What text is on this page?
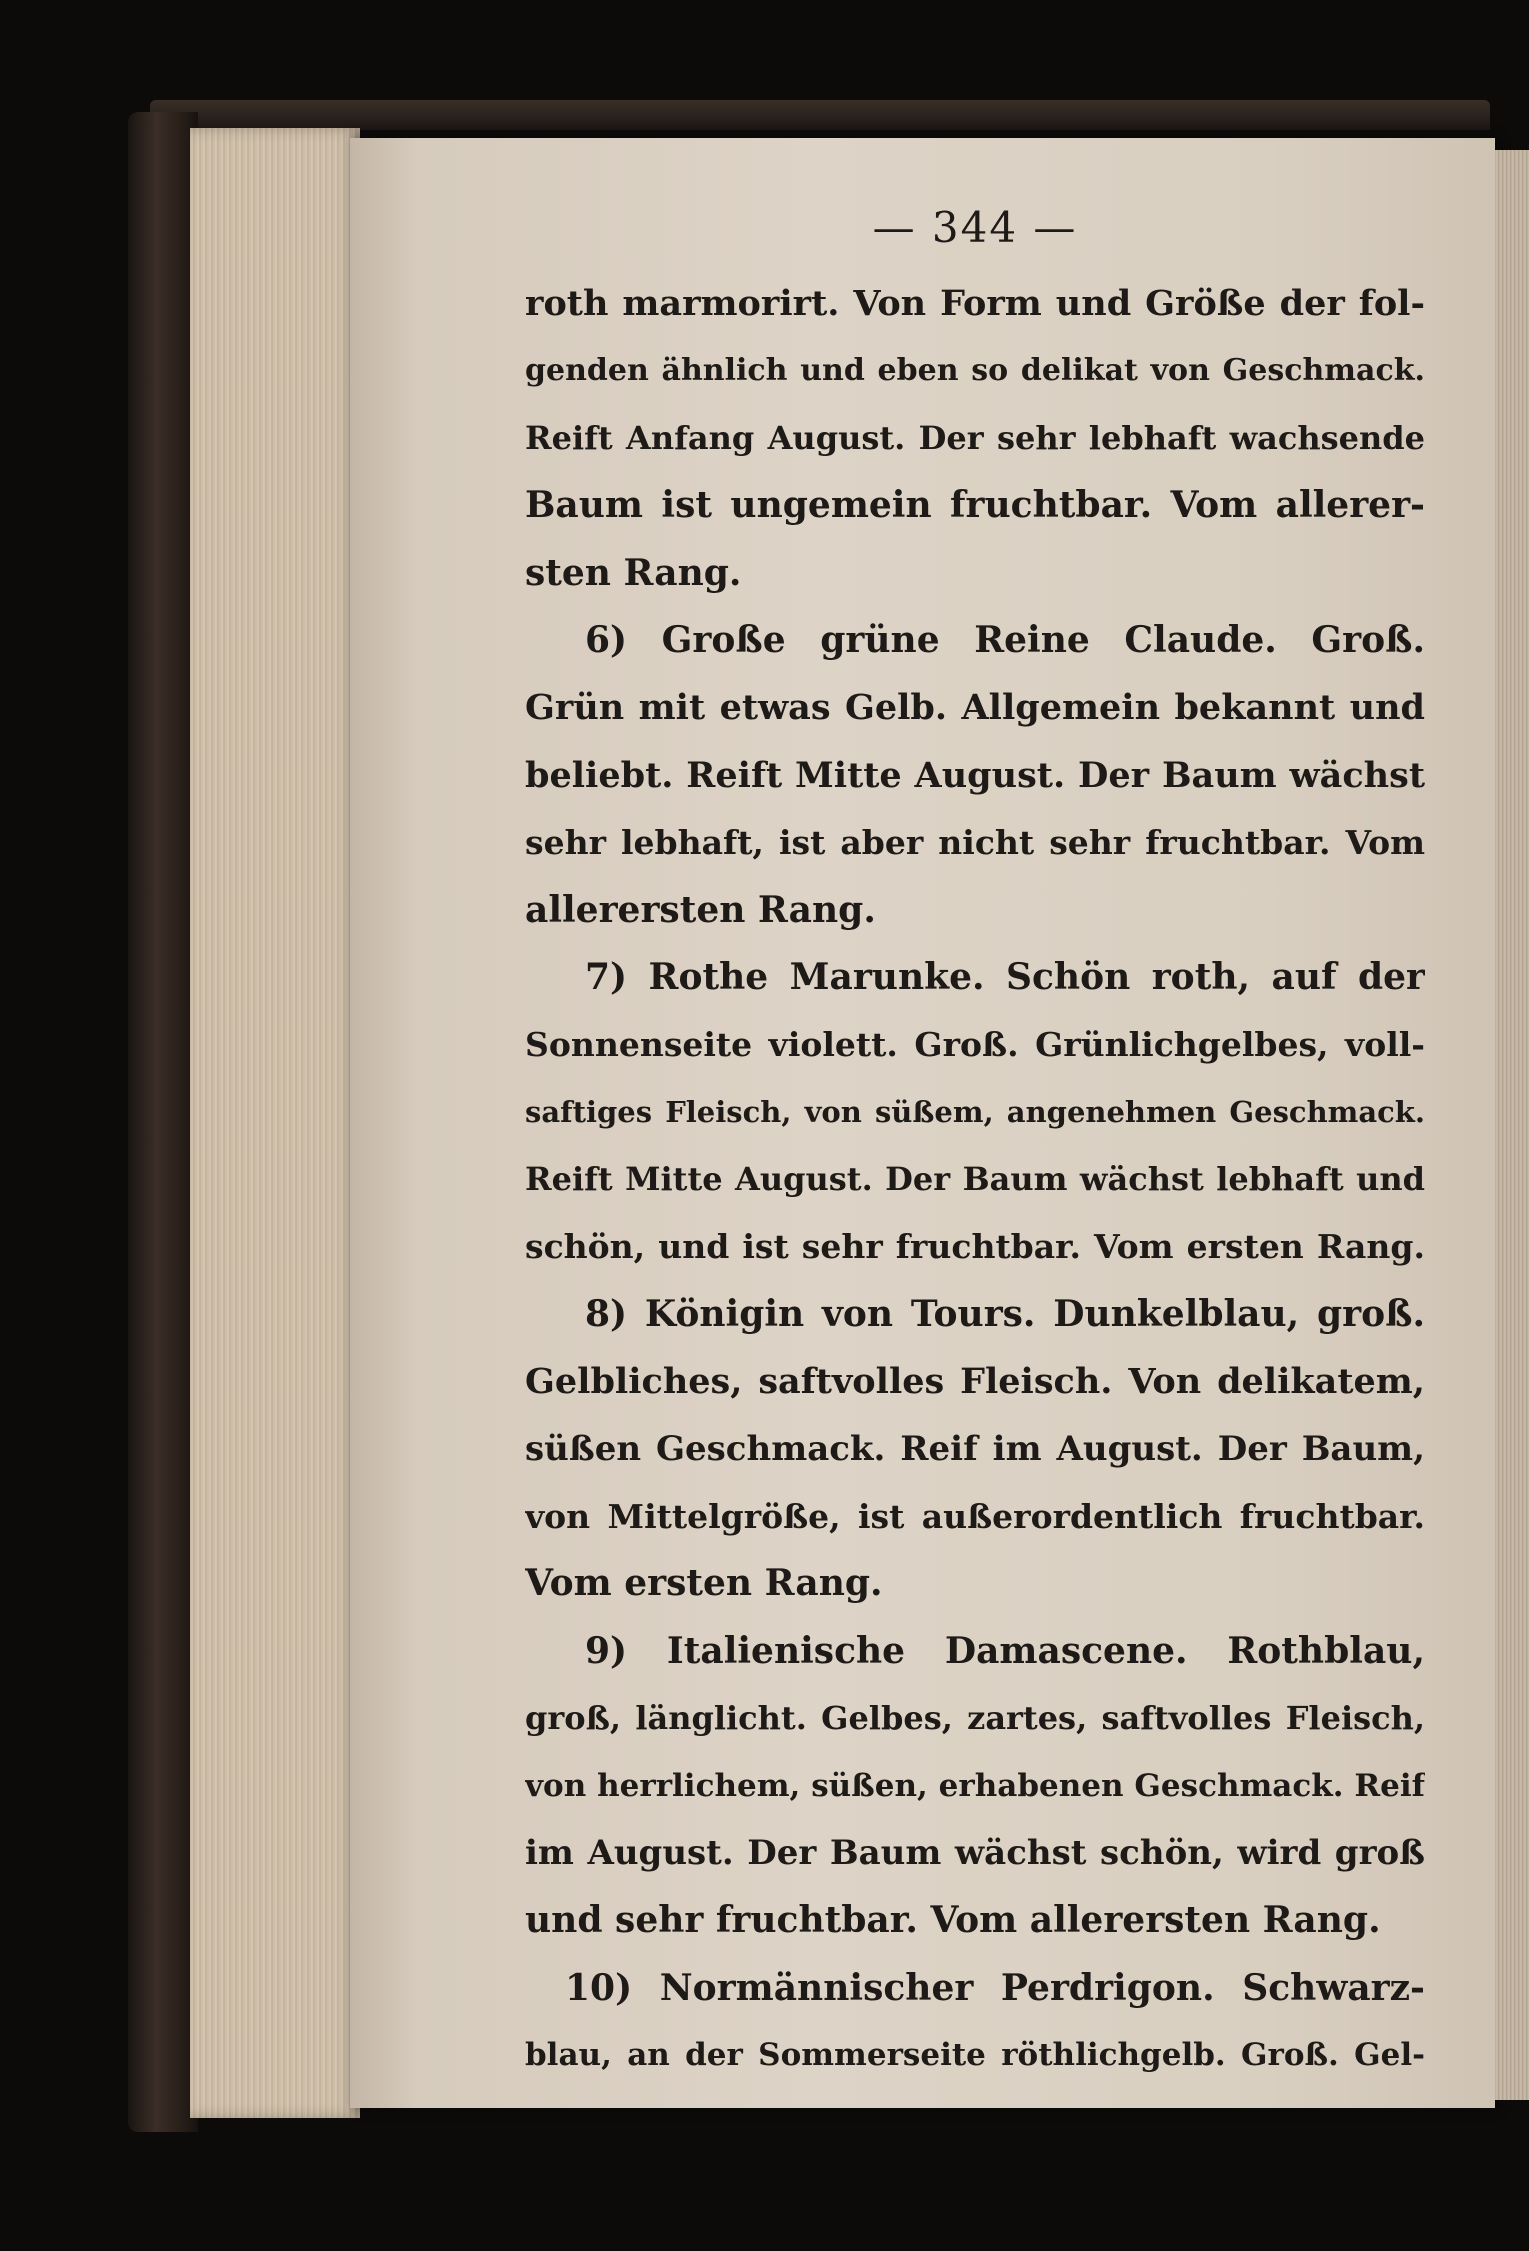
— 344 —
roth marmorirt. Von Form und Größe der fol-
genden ähnlich und eben so delikat von Geschmack.
Reift Anfang August. Der sehr lebhaft wachsende
Baum ist ungemein fruchtbar. Vom allerer-
sten Rang.
6) Große grüne Reine Claude. Groß.
Grün mit etwas Gelb. Allgemein bekannt und
beliebt. Reift Mitte August. Der Baum wächst
sehr lebhaft, ist aber nicht sehr fruchtbar. Vom
allerersten Rang.
7) Rothe Marunke. Schön roth, auf der
Sonnenseite violett. Groß. Grünlichgelbes, voll-
saftiges Fleisch, von süßem, angenehmen Geschmack.
Reift Mitte August. Der Baum wächst lebhaft und
schön, und ist sehr fruchtbar. Vom ersten Rang.
8) Königin von Tours. Dunkelblau, groß.
Gelbliches, saftvolles Fleisch. Von delikatem,
süßen Geschmack. Reif im August. Der Baum,
von Mittelgröße, ist außerordentlich fruchtbar.
Vom ersten Rang.
9) Italienische Damascene. Rothblau,
groß, länglicht. Gelbes, zartes, saftvolles Fleisch,
von herrlichem, süßen, erhabenen Geschmack. Reif
im August. Der Baum wächst schön, wird groß
und sehr fruchtbar. Vom allerersten Rang.
10) Normännischer Perdrigon. Schwarz-
blau, an der Sommerseite röthlichgelb. Groß. Gel-
